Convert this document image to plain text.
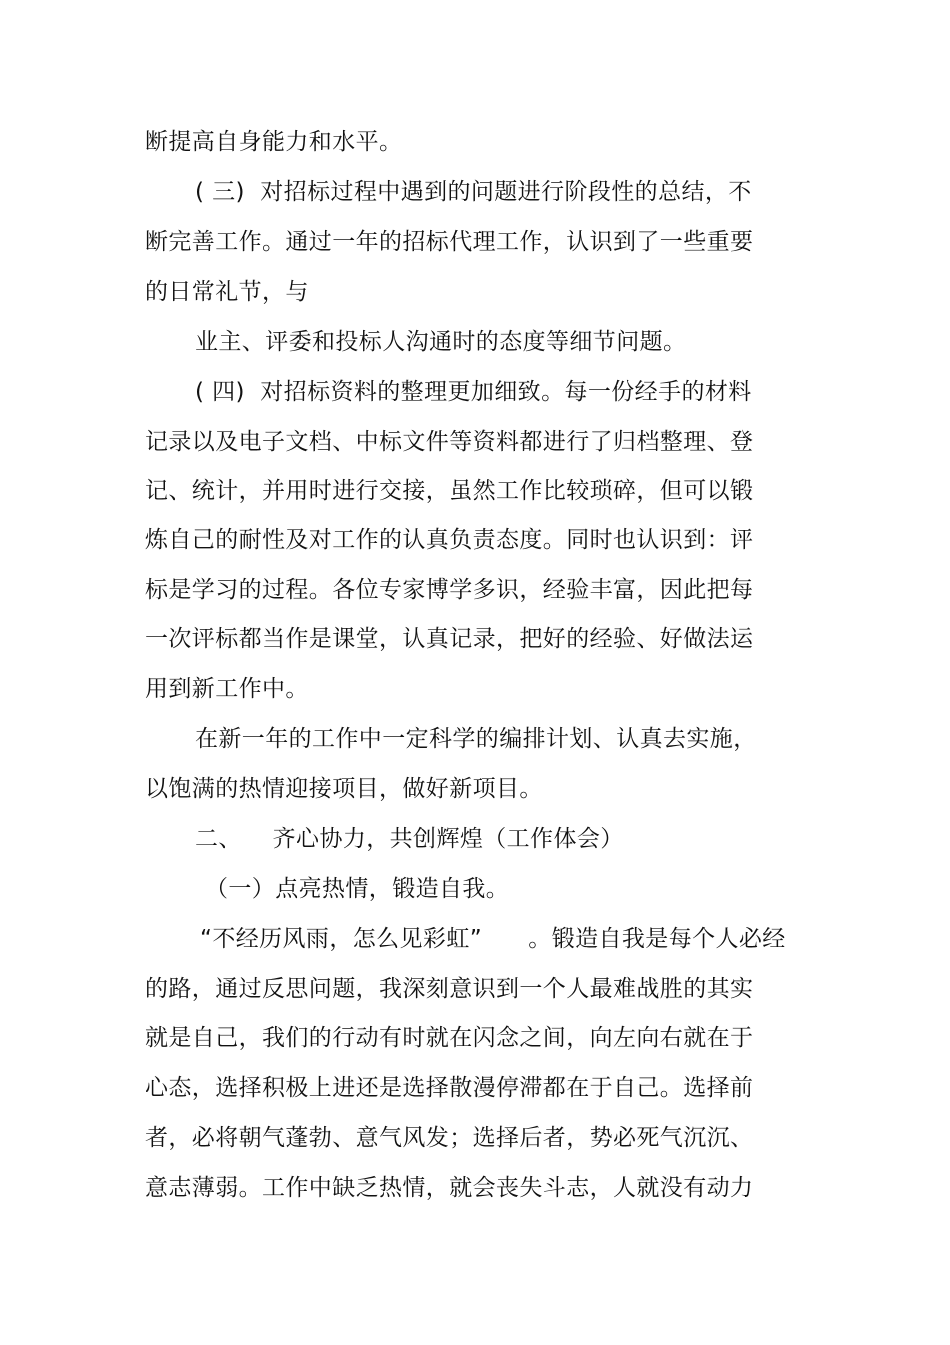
断提高自身能力和水平。
( 三)  对招标过程中遇到的问题进行阶段性的总结，不
断完善工作。通过一年的招标代理工作，认识到了一些重要
的日常礼节，与
业主、评委和投标人沟通时的态度等细节问题。
( 四)  对招标资料的整理更加细致。每一份经手的材料
记录以及电子文档、中标文件等资料都进行了归档整理、登
记、统计，并用时进行交接，虽然工作比较琐碎，但可以锻
炼自己的耐性及对工作的认真负责态度。同时也认识到：评
标是学习的过程。各位专家博学多识，经验丰富，因此把每
一次评标都当作是课堂，认真记录，把好的经验、好做法运
用到新工作中。
在新一年的工作中一定科学的编排计划、认真去实施，
以饱满的热情迎接项目，做好新项目。
二、    齐心协力，共创辉煌（工作体会）
（一）点亮热情，锻造自我。
“不经历风雨，怎么见彩虹”      。锻造自我是每个人必经
的路，通过反思问题，我深刻意识到一个人最难战胜的其实
就是自己，我们的行动有时就在闪念之间，向左向右就在于
心态，选择积极上进还是选择散漫停滞都在于自己。选择前
者，必将朝气蓬勃、意气风发；选择后者，势必死气沉沉、
意志薄弱。工作中缺乏热情，就会丧失斗志，人就没有动力
